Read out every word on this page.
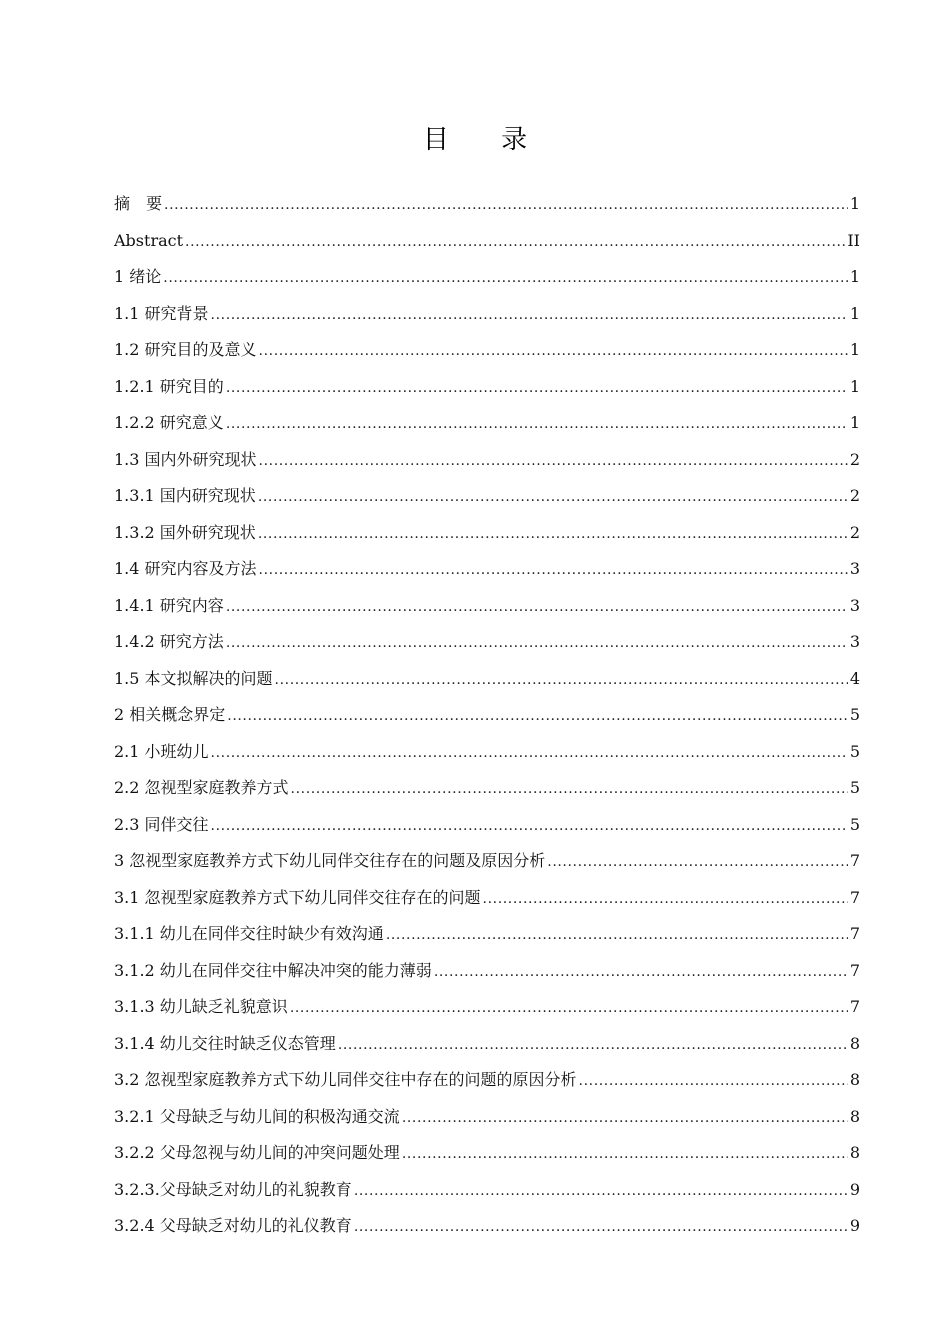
目 录
摘　要 .....	1
Abstract .....	II
1 绪论 .....	1
1.1 研究背景 .....	1
1.2 研究目的及意义 .....	1
1.2.1 研究目的 .....	1
1.2.2 研究意义 .....	1
1.3 国内外研究现状 .....	2
1.3.1 国内研究现状 .....	2
1.3.2 国外研究现状 .....	2
1.4 研究内容及方法 .....	3
1.4.1 研究内容 .....	3
1.4.2 研究方法 .....	3
1.5 本文拟解决的问题 .....	4
2 相关概念界定 .....	5
2.1 小班幼儿 .....	5
2.2 忽视型家庭教养方式 .....	5
2.3 同伴交往 .....	5
3 忽视型家庭教养方式下幼儿同伴交往存在的问题及原因分析 .....	7
3.1 忽视型家庭教养方式下幼儿同伴交往存在的问题 .....	7
3.1.1 幼儿在同伴交往时缺少有效沟通 .....	7
3.1.2 幼儿在同伴交往中解决冲突的能力薄弱 .....	7
3.1.3 幼儿缺乏礼貌意识 .....	7
3.1.4 幼儿交往时缺乏仪态管理 .....	8
3.2 忽视型家庭教养方式下幼儿同伴交往中存在的问题的原因分析 .....	8
3.2.1 父母缺乏与幼儿间的积极沟通交流 .....	8
3.2.2 父母忽视与幼儿间的冲突问题处理 .....	8
3.2.3.父母缺乏对幼儿的礼貌教育 .....	9
3.2.4 父母缺乏对幼儿的礼仪教育 .....	9
